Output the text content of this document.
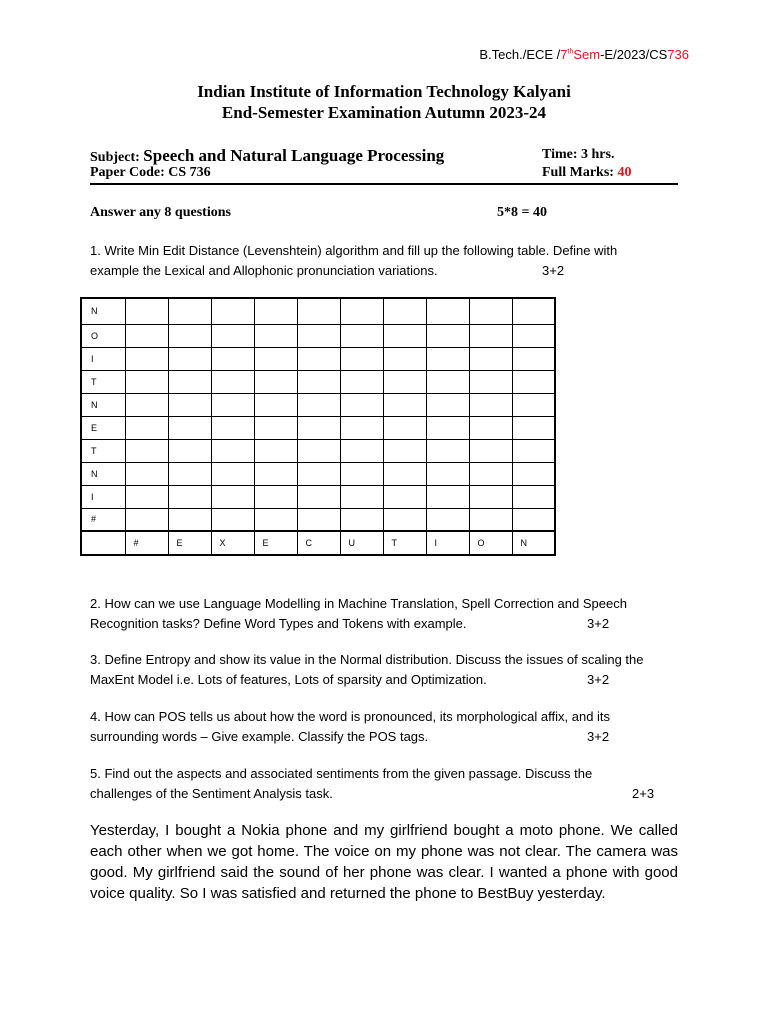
B.Tech./ECE /7thSem-E/2023/CS736
Indian Institute of Information Technology Kalyani
End-Semester Examination Autumn 2023-24
Subject: Speech and Natural Language Processing	Time: 3 hrs.
Paper Code: CS 736	Full Marks: 40
Answer any 8 questions	5*8 = 40
1. Write Min Edit Distance (Levenshtein) algorithm and fill up the following table. Define with
example the Lexical and Allophonic pronunciation variations.	3+2
N										
O										
I										
T										
N										
E										
T										
N										
I										
#										
	#	E	X	E	C	U	T	I	O	N
2. How can we use Language Modelling in Machine Translation, Spell Correction and Speech
Recognition tasks? Define Word Types and Tokens with example.	3+2
3. Define Entropy and show its value in the Normal distribution. Discuss the issues of scaling the
MaxEnt Model i.e. Lots of features, Lots of sparsity and Optimization.	3+2
4. How can POS tells us about how the word is pronounced, its morphological affix, and its
surrounding words – Give example. Classify the POS tags.	3+2
5. Find out the aspects and associated sentiments from the given passage. Discuss the
challenges of the Sentiment Analysis task.	2+3
Yesterday, I bought a Nokia phone and my girlfriend bought a moto phone. We called each other when we got home. The voice on my phone was not clear. The camera was good. My girlfriend said the sound of her phone was clear. I wanted a phone with good voice quality. So I was satisfied and returned the phone to BestBuy yesterday.
